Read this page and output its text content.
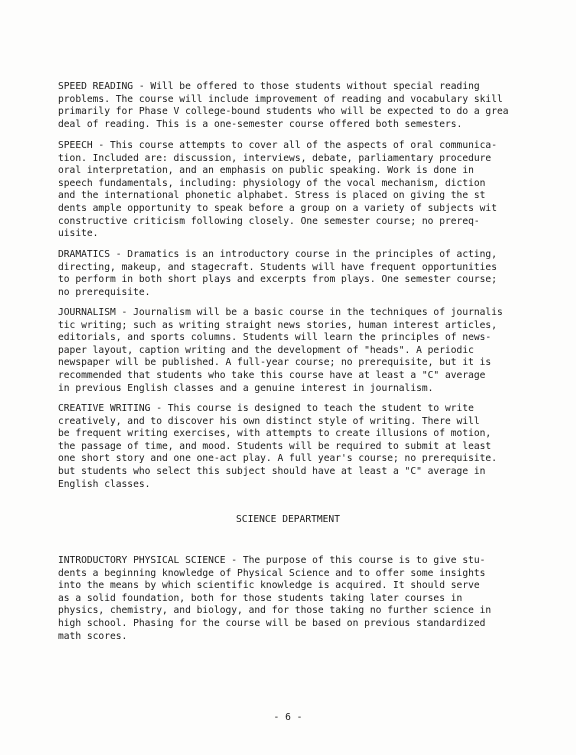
SPEED READING - Will be offered to those students without special reading
problems. The course will include improvement of reading and vocabulary skill
primarily for Phase V college-bound students who will be expected to do a grea
deal of reading. This is a one-semester course offered both semesters.
SPEECH - This course attempts to cover all of the aspects of oral communica-
tion. Included are: discussion, interviews, debate, parliamentary procedure
oral interpretation, and an emphasis on public speaking. Work is done in
speech fundamentals, including: physiology of the vocal mechanism, diction
and the international phonetic alphabet. Stress is placed on giving the st
dents ample opportunity to speak before a group on a variety of subjects wit
constructive criticism following closely. One semester course; no prereq-
uisite.
DRAMATICS - Dramatics is an introductory course in the principles of acting,
directing, makeup, and stagecraft. Students will have frequent opportunities
to perform in both short plays and excerpts from plays. One semester course;
no prerequisite.
JOURNALISM - Journalism will be a basic course in the techniques of journalis
tic writing; such as writing straight news stories, human interest articles,
editorials, and sports columns. Students will learn the principles of news-
paper layout, caption writing and the development of "heads". A periodic
newspaper will be published. A full-year course; no prerequisite, but it is
recommended that students who take this course have at least a "C" average
in previous English classes and a genuine interest in journalism.
CREATIVE WRITING - This course is designed to teach the student to write
creatively, and to discover his own distinct style of writing. There will
be frequent writing exercises, with attempts to create illusions of motion,
the passage of time, and mood. Students will be required to submit at least
one short story and one one-act play. A full year's course; no prerequisite.
but students who select this subject should have at least a "C" average in
English classes.
SCIENCE DEPARTMENT
INTRODUCTORY PHYSICAL SCIENCE - The purpose of this course is to give stu-
dents a beginning knowledge of Physical Science and to offer some insights
into the means by which scientific knowledge is acquired. It should serve
as a solid foundation, both for those students taking later courses in
physics, chemistry, and biology, and for those taking no further science in
high school. Phasing for the course will be based on previous standardized
math scores.
- 6 -
